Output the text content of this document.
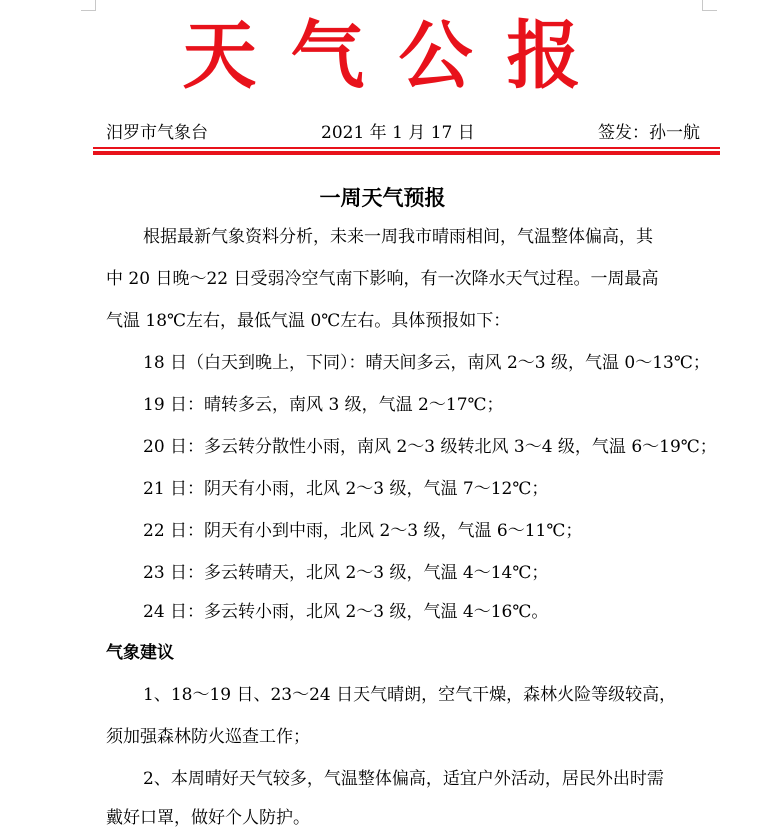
天 气 公 报
汨罗市气象台	2021 年 1 月 17 日	签发：孙一航
一周天气预报
根据最新气象资料分析，未来一周我市晴雨相间，气温整体偏高，其
中 20 日晚～22 日受弱冷空气南下影响，有一次降水天气过程。一周最高
气温 18℃左右，最低气温 0℃左右。具体预报如下：
18 日（白天到晚上，下同）：晴天间多云，南风 2～3 级，气温 0～13℃；
19 日：晴转多云，南风 3 级，气温 2～17℃；
20 日：多云转分散性小雨，南风 2～3 级转北风 3～4 级，气温 6～19℃；
21 日：阴天有小雨，北风 2～3 级，气温 7～12℃；
22 日：阴天有小到中雨，北风 2～3 级，气温 6～11℃；
23 日：多云转晴天，北风 2～3 级，气温 4～14℃；
24 日：多云转小雨，北风 2～3 级，气温 4～16℃。
气象建议
1、18～19 日、23～24 日天气晴朗，空气干燥，森林火险等级较高，
须加强森林防火巡查工作；
2、本周晴好天气较多，气温整体偏高，适宜户外活动，居民外出时需
戴好口罩，做好个人防护。
